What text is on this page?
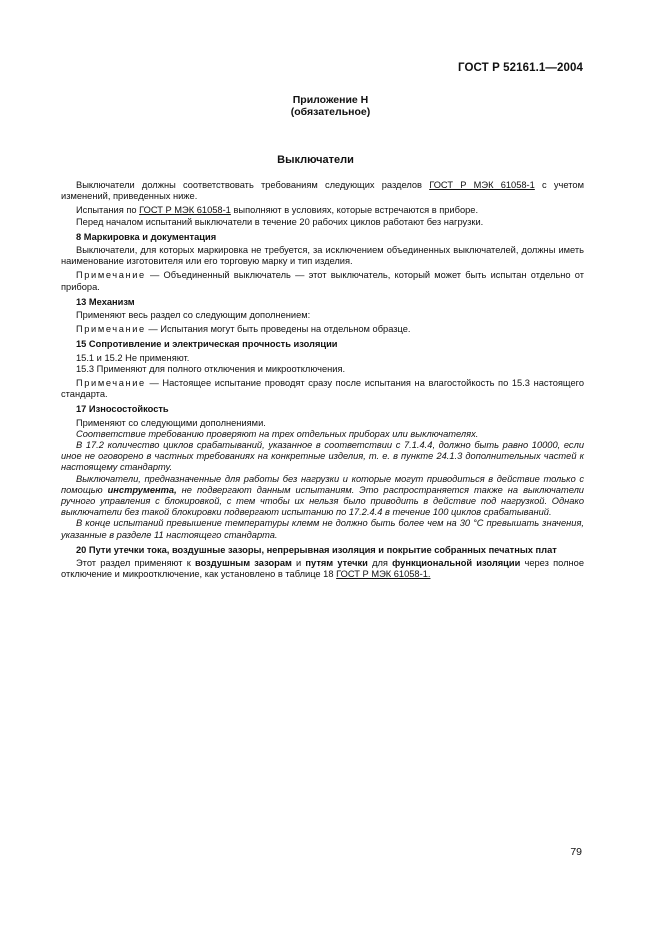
ГОСТ Р 52161.1—2004
Приложение Н
(обязательное)
Выключатели

Выключатели должны соответствовать требованиям следующих разделов ГОСТ Р МЭК 61058-1 с учетом изменений, приведенных ниже.

Испытания по ГОСТ Р МЭК 61058-1 выполняют в условиях, которые встречаются в приборе.

Перед началом испытаний выключатели в течение 20 рабочих циклов работают без нагрузки.

8 Маркировка и документация

Выключатели, для которых маркировка не требуется, за исключением объединенных выключателей, должны иметь наименование изготовителя или его торговую марку и тип изделия.

Примечание — Объединенный выключатель — этот выключатель, который может быть испытан отдельно от прибора.

13 Механизм

Применяют весь раздел со следующим дополнением:

Примечание — Испытания могут быть проведены на отдельном образце.

15 Сопротивление и электрическая прочность изоляции

15.1 и 15.2 Не применяют.

15.3 Применяют для полного отключения и микроотключения.

Примечание — Настоящее испытание проводят сразу после испытания на влагостойкость по 15.3 настоящего стандарта.

17 Износостойкость

Применяют со следующими дополнениями.

Соответствие требованию проверяют на трех отдельных приборах или выключателях.

В 17.2 количество циклов срабатываний, указанное в соответствии с 7.1.4.4, должно быть равно 10000, если иное не оговорено в частных требованиях на конкретные изделия, т. е. в пункте 24.1.3 дополнительных частей к настоящему стандарту.

Выключатели, предназначенные для работы без нагрузки и которые могут приводиться в действие только с помощью инструмента, не подвергают данным испытаниям. Это распространяется также на выключатели ручного управления с блокировкой, с тем чтобы их нельзя было приводить в действие под нагрузкой. Однако выключатели без такой блокировки подвергают испытанию по 17.2.4.4 в течение 100 циклов срабатываний.

В конце испытаний превышение температуры клемм не должно быть более чем на 30 °С превышать значения, указанные в разделе 11 настоящего стандарта.

20 Пути утечки тока, воздушные зазоры, непрерывная изоляция и покрытие собранных печатных плат

Этот раздел применяют к воздушным зазорам и путям утечки для функциональной изоляции через полное отключение и микроотключение, как установлено в таблице 18 ГОСТ Р МЭК 61058-1.

79
